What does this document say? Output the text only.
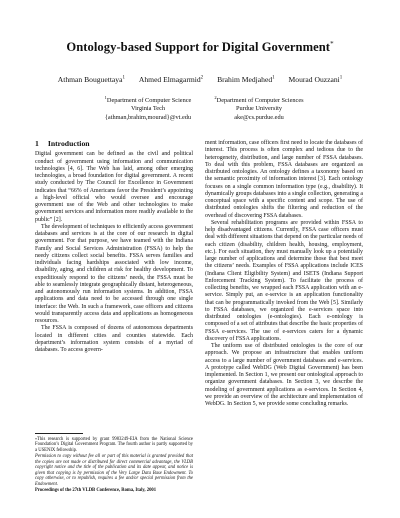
Ontology-based Support for Digital Government*
Athman Bouguettaya$^1$ Ahmed Elmagarmid$^2$ Brahim Medjahed$^1$ Mourad Ouzzani$^1$
$^1$Department of Computer Science
Virginia Tech
{athman,brahim,mourad}@vt.edu
$^2$Department of Computer Sciences
Purdue University
ake@cs.purdue.edu
1 Introduction

Digital government can be defined as the civil and political conduct of government using information and communication technologies [4, 6]. The Web has laid, among other emerging technologies, a broad foundation for digital government. A recent study conducted by The Council for Excellence in Government indicates that “66% of Americans favor the President’s appointing a high-level official who would oversee and encourage government use of the Web and other technologies to make government services and information more readily available to the public” [2].

The development of techniques to efficiently access government databases and services is at the core of our research in digital government. For that purpose, we have teamed with the Indiana Family and Social Services Administration (FSSA) to help the needy citizens collect social benefits. FSSA serves families and individuals facing hardships associated with low income, disability, aging, and children at risk for healthy development. To expeditiously respond to the citizens’ needs, the FSSA must be able to seamlessly integrate geographically distant, heterogeneous, and autonomously run information systems. In addition, FSSA applications and data need to be accessed through one single interface: the Web. In such a framework, case officers and citizens would transparently access data and applications as homogeneous resources.

The FSSA is composed of dozens of autonomous departments located in different cities and counties statewide. Each department’s information system consists of a myriad of databases. To access govern-

*This research is supported by grant 9983249-EIA from the National Science Foundation’s Digital Government Program. The fourth author is partly supported by a USENIX fellowship.

Permission to copy without fee all or part of this material is granted provided that the copies are not made or distributed for direct commercial advantage, the VLDB copyright notice and the title of the publication and its date appear, and notice is given that copying is by permission of the Very Large Data Base Endowment. To copy otherwise, or to republish, requires a fee and/or special permission from the Endowment.

Proceedings of the 27th VLDB Conference, Roma, Italy, 2001

ment information, case officers first need to locate the databases of interest. This process is often complex and tedious due to the heterogeneity, distribution, and large number of FSSA databases. To deal with this problem, FSSA databases are organized as distributed ontologies. An ontology defines a taxonomy based on the semantic proximity of information interest [3]. Each ontology focuses on a single common information type (e.g., disability). It dynamically groups databases into a single collection, generating a conceptual space with a specific content and scope. The use of distributed ontologies shifts the filtering and reduction of the overhead of discovering FSSA databases.

Several rehabilitation programs are provided within FSSA to help disadvantaged citizens. Currently, FSSA case officers must deal with different situations that depend on the particular needs of each citizen (disability, children health, housing, employment, etc.). For each situation, they must manually look up a potentially large number of applications and determine those that best meet the citizens’ needs. Examples of FSSA applications include ICES (Indiana Client Eligibility System) and ISETS (Indiana Support Enforcement Tracking System). To facilitate the process of collecting benefits, we wrapped each FSSA application with an e-service. Simply put, an e-service is an application functionality that can be programmatically invoked from the Web [5]. Similarly to FSSA databases, we organized the e-services space into distributed ontologies (e-ontologies). Each e-ontology is composed of a set of attributes that describe the basic properties of FSSA e-services. The use of e-services caters for a dynamic discovery of FSSA applications.

The uniform use of distributed ontologies is the core of our approach. We propose an infrastructure that enables uniform access to a large number of government databases and e-services. A prototype called WebDG (Web Digital Government) has been implemented. In Section 1, we present our ontological approach to organize government databases. In Section 3, we describe the modeling of government applications as e-services. In Section 4, we provide an overview of the architecture and implementation of WebDG. In Section 5, we provide some concluding remarks.
